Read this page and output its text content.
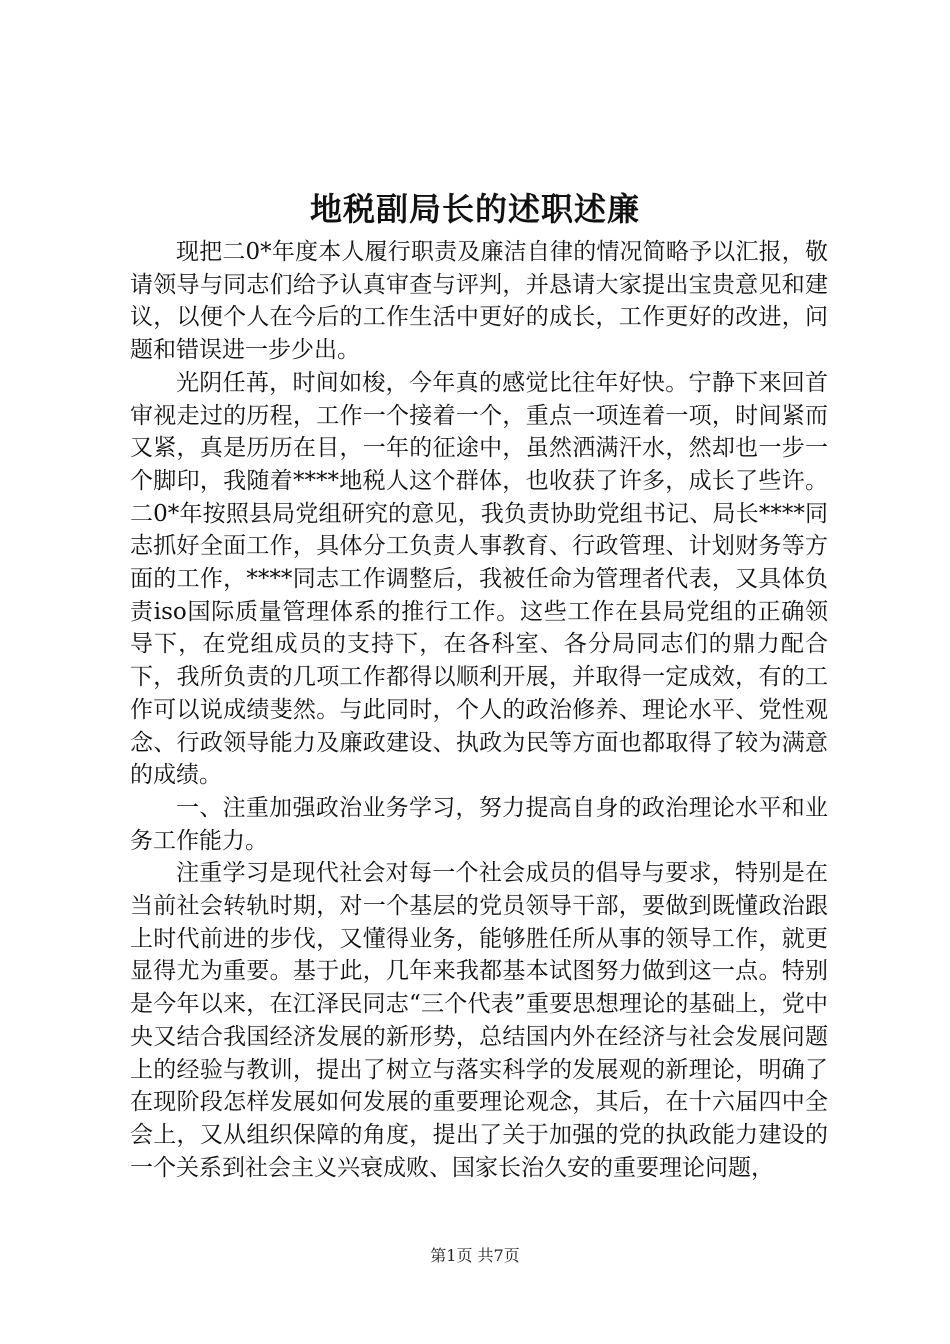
地税副局长的述职述廉

现把二0*年度本人履行职责及廉洁自律的情况简略予以汇报，敬请领导与同志们给予认真审查与评判，并恳请大家提出宝贵意见和建议，以便个人在今后的工作生活中更好的成长，工作更好的改进，问题和错误进一步少出。

光阴任苒，时间如梭，今年真的感觉比往年好快。宁静下来回首审视走过的历程，工作一个接着一个，重点一项连着一项，时间紧而又紧，真是历历在目，一年的征途中，虽然洒满汗水，然却也一步一个脚印，我随着****地税人这个群体，也收获了许多，成长了些许。二0*年按照县局党组研究的意见，我负责协助党组书记、局长****同志抓好全面工作，具体分工负责人事教育、行政管理、计划财务等方面的工作，****同志工作调整后，我被任命为管理者代表，又具体负责iso国际质量管理体系的推行工作。这些工作在县局党组的正确领导下，在党组成员的支持下，在各科室、各分局同志们的鼎力配合下，我所负责的几项工作都得以顺利开展，并取得一定成效，有的工作可以说成绩斐然。与此同时，个人的政治修养、理论水平、党性观念、行政领导能力及廉政建设、执政为民等方面也都取得了较为满意的成绩。

一、注重加强政治业务学习，努力提高自身的政治理论水平和业务工作能力。

注重学习是现代社会对每一个社会成员的倡导与要求，特别是在当前社会转轨时期，对一个基层的党员领导干部，要做到既懂政治跟上时代前进的步伐，又懂得业务，能够胜任所从事的领导工作，就更显得尤为重要。基于此，几年来我都基本试图努力做到这一点。特别是今年以来，在江泽民同志“三个代表”重要思想理论的基础上，党中央又结合我国经济发展的新形势，总结国内外在经济与社会发展问题上的经验与教训，提出了树立与落实科学的发展观的新理论，明确了在现阶段怎样发展如何发展的重要理论观念，其后，在十六届四中全会上，又从组织保障的角度，提出了关于加强的党的执政能力建设的一个关系到社会主义兴衰成败、国家长治久安的重要理论问题，

第1页 共7页
